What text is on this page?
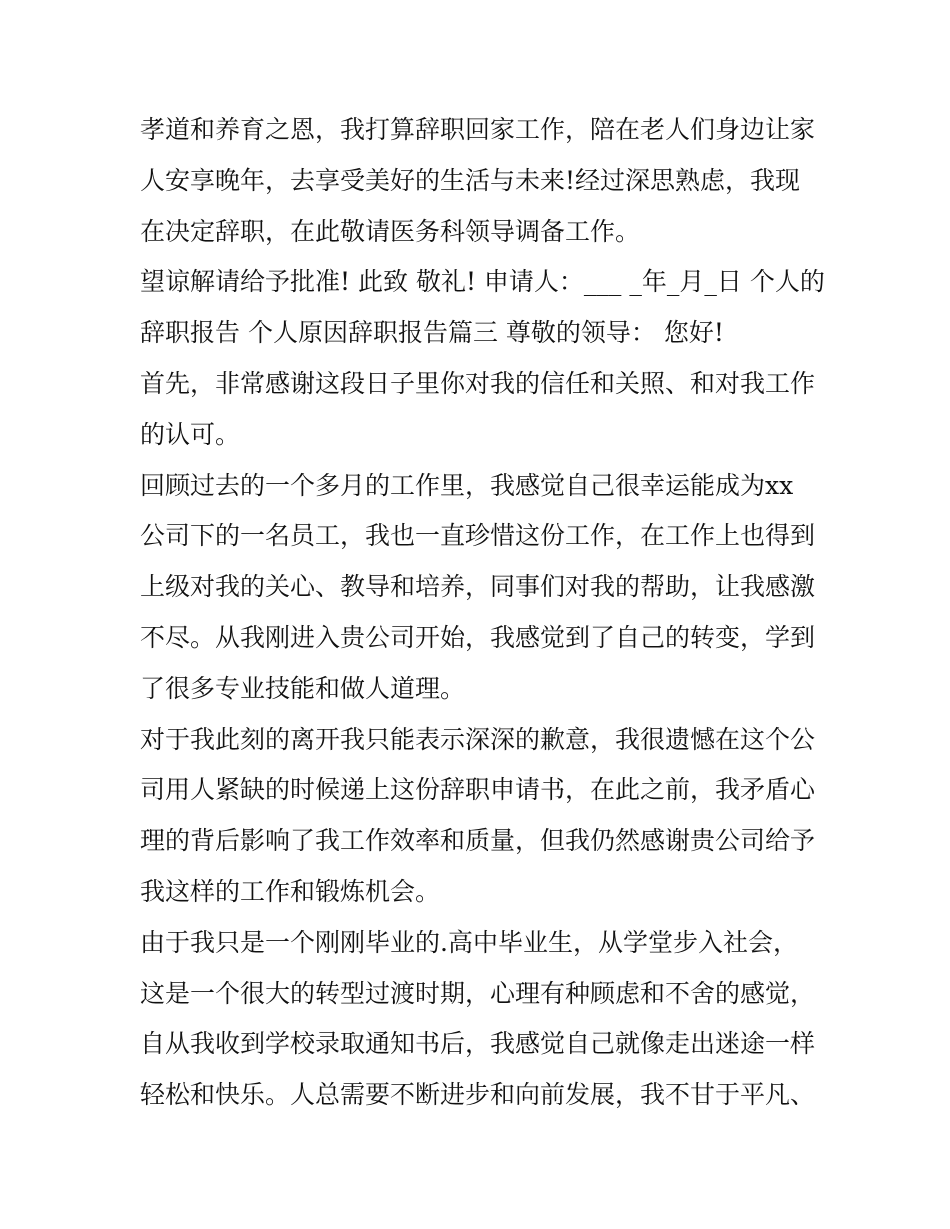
孝道和养育之恩，我打算辞职回家工作，陪在老人们身边让家
人安享晚年，去享受美好的生活与未来!经过深思熟虑，我现
在决定辞职，在此敬请医务科领导调备工作。
望谅解请给予批准! 此致 敬礼! 申请人：___ _年_月_日 个人的
辞职报告 个人原因辞职报告篇三 尊敬的领导： 您好!
首先，非常感谢这段日子里你对我的信任和关照、和对我工作
的认可。
回顾过去的一个多月的工作里，我感觉自己很幸运能成为xx
公司下的一名员工，我也一直珍惜这份工作，在工作上也得到
上级对我的关心、教导和培养，同事们对我的帮助，让我感激
不尽。从我刚进入贵公司开始，我感觉到了自己的转变，学到
了很多专业技能和做人道理。
对于我此刻的离开我只能表示深深的歉意，我很遗憾在这个公
司用人紧缺的时候递上这份辞职申请书，在此之前，我矛盾心
理的背后影响了我工作效率和质量，但我仍然感谢贵公司给予
我这样的工作和锻炼机会。
由于我只是一个刚刚毕业的.高中毕业生，从学堂步入社会，
这是一个很大的转型过渡时期，心理有种顾虑和不舍的感觉，
自从我收到学校录取通知书后，我感觉自己就像走出迷途一样
轻松和快乐。人总需要不断进步和向前发展，我不甘于平凡、
